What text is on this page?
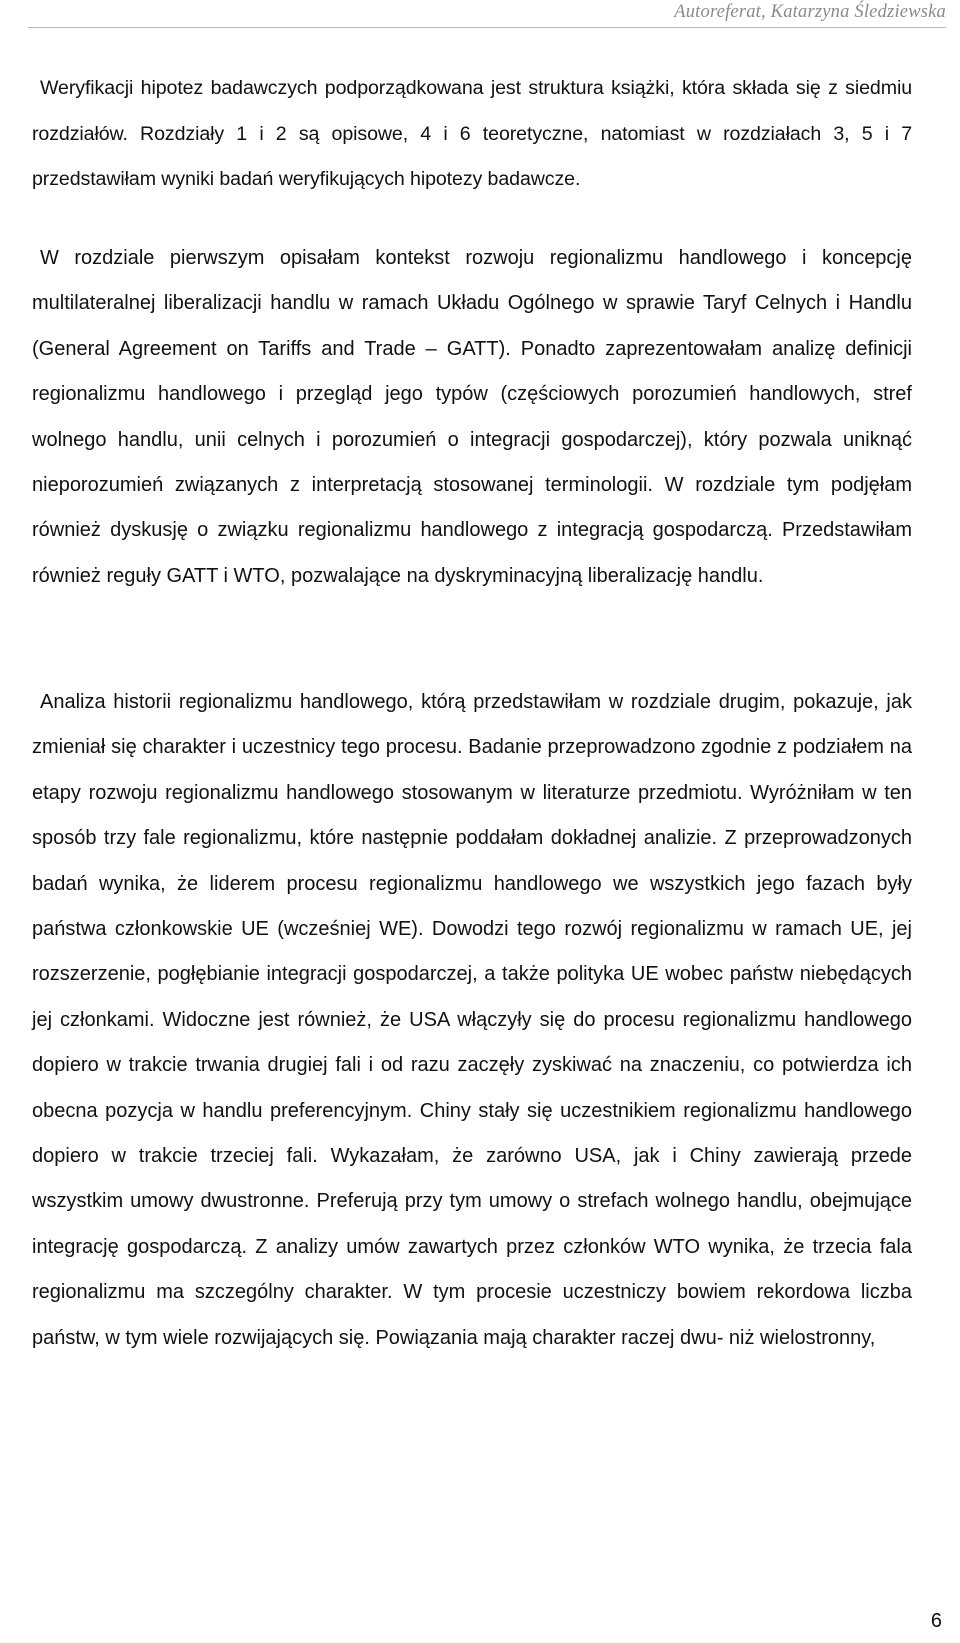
Autoreferat, Katarzyna Śledziewska

Weryfikacji hipotez badawczych podporządkowana jest struktura książki, która składa się z siedmiu rozdziałów. Rozdziały 1 i 2 są opisowe, 4 i 6 teoretyczne, natomiast w rozdziałach 3, 5 i 7 przedstawiłam wyniki badań weryfikujących hipotezy badawcze.

W rozdziale pierwszym opisałam kontekst rozwoju regionalizmu handlowego i koncepcję multilateralnej liberalizacji handlu w ramach Układu Ogólnego w sprawie Taryf Celnych i Handlu (General Agreement on Tariffs and Trade – GATT). Ponadto zaprezentowałam analizę definicji regionalizmu handlowego i przegląd jego typów (częściowych porozumień handlowych, stref wolnego handlu, unii celnych i porozumień o integracji gospodarczej), który pozwala uniknąć nieporozumień związanych z interpretacją stosowanej terminologii. W rozdziale tym podjęłam również dyskusję o związku regionalizmu handlowego z integracją gospodarczą. Przedstawiłam również reguły GATT i WTO, pozwalające na dyskryminacyjną liberalizację handlu.

Analiza historii regionalizmu handlowego, którą przedstawiłam w rozdziale drugim, pokazuje, jak zmieniał się charakter i uczestnicy tego procesu. Badanie przeprowadzono zgodnie z podziałem na etapy rozwoju regionalizmu handlowego stosowanym w literaturze przedmiotu. Wyróżniłam w ten sposób trzy fale regionalizmu, które następnie poddałam dokładnej analizie. Z przeprowadzonych badań wynika, że liderem procesu regionalizmu handlowego we wszystkich jego fazach były państwa członkowskie UE (wcześniej WE). Dowodzi tego rozwój regionalizmu w ramach UE, jej rozszerzenie, pogłębianie integracji gospodarczej, a także polityka UE wobec państw niebędących jej członkami. Widoczne jest również, że USA włączyły się do procesu regionalizmu handlowego dopiero w trakcie trwania drugiej fali i od razu zaczęły zyskiwać na znaczeniu, co potwierdza ich obecna pozycja w handlu preferencyjnym. Chiny stały się uczestnikiem regionalizmu handlowego dopiero w trakcie trzeciej fali. Wykazałam, że zarówno USA, jak i Chiny zawierają przede wszystkim umowy dwustronne. Preferują przy tym umowy o strefach wolnego handlu, obejmujące integrację gospodarczą. Z analizy umów zawartych przez członków WTO wynika, że trzecia fala regionalizmu ma szczególny charakter. W tym procesie uczestniczy bowiem rekordowa liczba państw, w tym wiele rozwijających się. Powiązania mają charakter raczej dwu- niż wielostronny,

6
